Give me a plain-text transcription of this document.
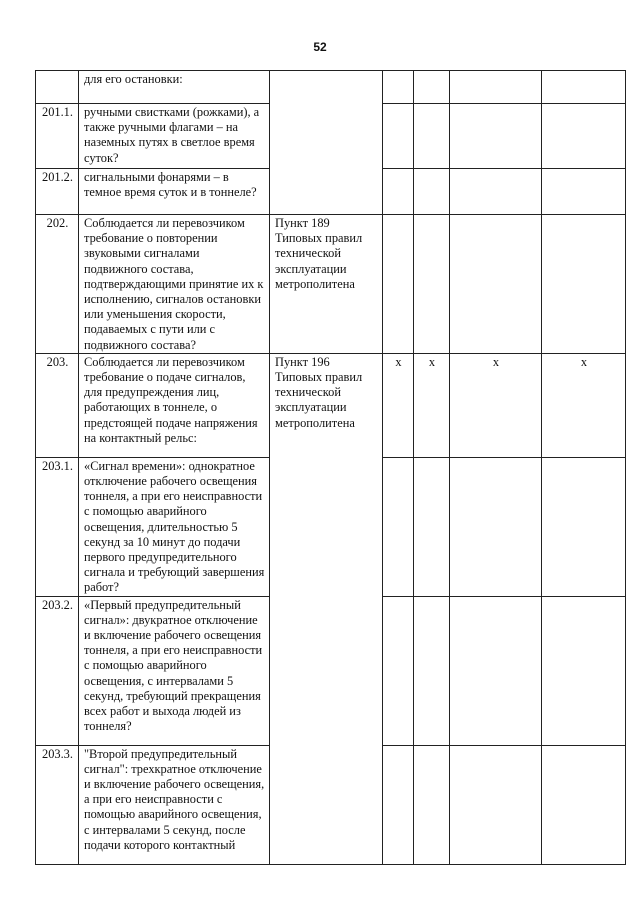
52
	для его остановки:					
201.1.	ручными свистками (рожками), а также ручными флагами – на наземных путях в светлое время суток?					
201.2.	сигнальными фонарями – в темное время суток и в тоннеле?					
202.	Соблюдается ли перевозчиком требование о повторении звуковыми сигналами подвижного состава, подтверждающими принятие их к исполнению, сигналов остановки или уменьшения скорости, подаваемых с пути или с подвижного состава?	Пункт 189 Типовых правил технической эксплуатации метрополитена				
203.	Соблюдается ли перевозчиком требование о подаче сигналов, для предупреждения лиц, работающих в тоннеле, о предстоящей подаче напряжения на контактный рельс:	Пункт 196 Типовых правил технической эксплуатации метрополитена	х	х	х	х
203.1.	«Сигнал времени»: однократное отключение рабочего освещения тоннеля, а при его неисправности с помощью аварийного освещения, длительностью 5 секунд за 10 минут до подачи первого предупредительного сигнала и требующий завершения работ?					
203.2.	«Первый предупредительный сигнал»: двукратное отключение и включение рабочего освещения тоннеля, а при его неисправности с помощью аварийного освещения, с интервалами 5 секунд, требующий прекращения всех работ и выхода людей из тоннеля?					
203.3.	"Второй предупредительный сигнал": трехкратное отключение и включение рабочего освещения, а при его неисправности с помощью аварийного освещения, с интервалами 5 секунд, после подачи которого контактный					
